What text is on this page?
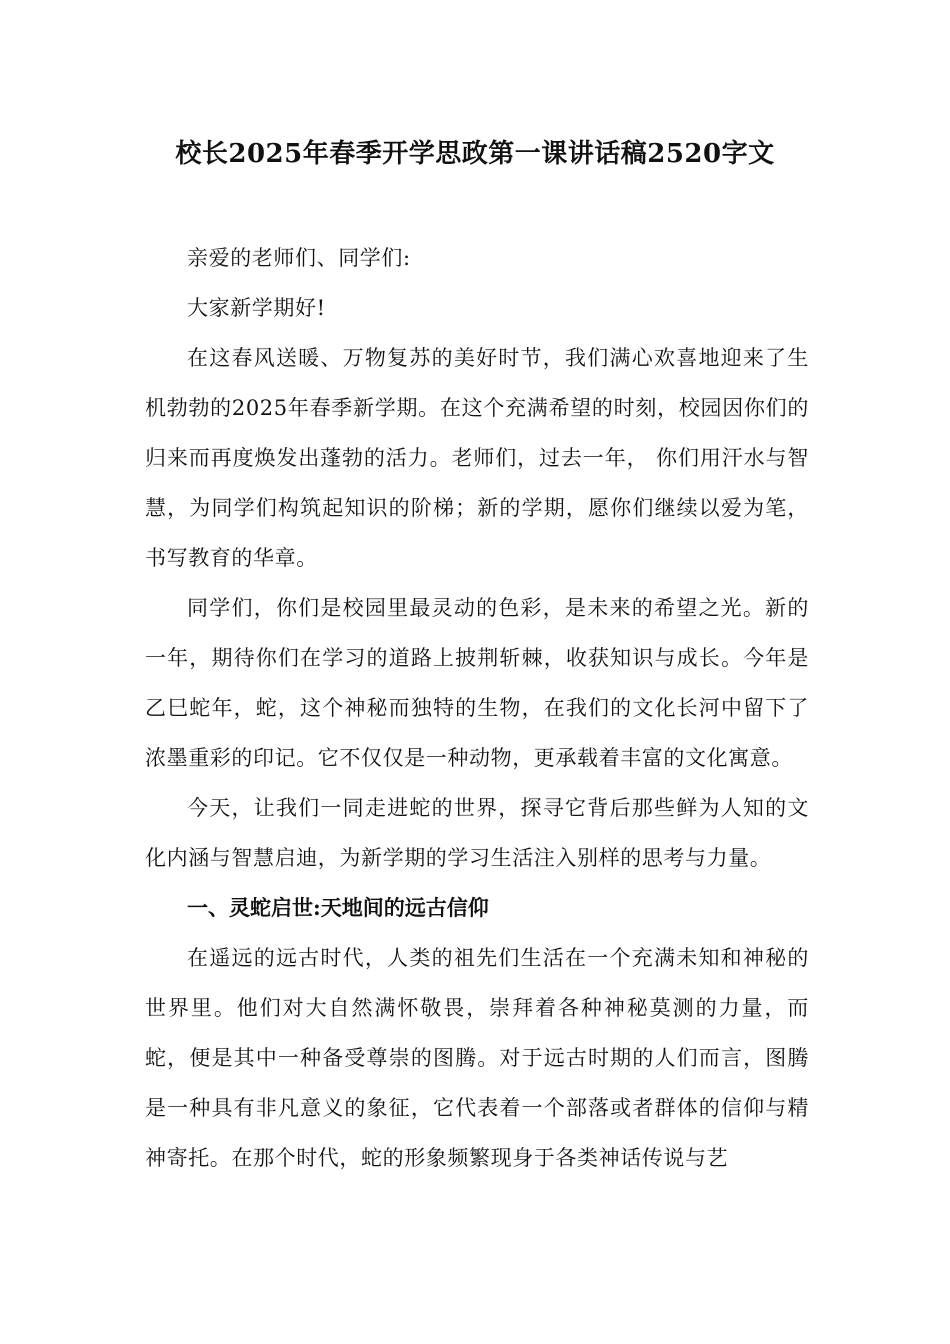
校长2025年春季开学思政第一课讲话稿2520字文

亲爱的老师们、同学们:

大家新学期好!

在这春风送暖、万物复苏的美好时节，我们满心欢喜地迎来了生机勃勃的2025年春季新学期。在这个充满希望的时刻，校园因你们的归来而再度焕发出蓬勃的活力。老师们，过去一年， 你们用汗水与智慧，为同学们构筑起知识的阶梯；新的学期，愿你们继续以爱为笔，书写教育的华章。

同学们，你们是校园里最灵动的色彩，是未来的希望之光。新的一年，期待你们在学习的道路上披荆斩棘，收获知识与成长。今年是乙巳蛇年，蛇，这个神秘而独特的生物，在我们的文化长河中留下了浓墨重彩的印记。它不仅仅是一种动物，更承载着丰富的文化寓意。

今天，让我们一同走进蛇的世界，探寻它背后那些鲜为人知的文化内涵与智慧启迪，为新学期的学习生活注入别样的思考与力量。

一、灵蛇启世:天地间的远古信仰

在遥远的远古时代，人类的祖先们生活在一个充满未知和神秘的世界里。他们对大自然满怀敬畏，崇拜着各种神秘莫测的力量，而蛇，便是其中一种备受尊崇的图腾。对于远古时期的人们而言，图腾是一种具有非凡意义的象征，它代表着一个部落或者群体的信仰与精神寄托。在那个时代，蛇的形象频繁现身于各类神话传说与艺
